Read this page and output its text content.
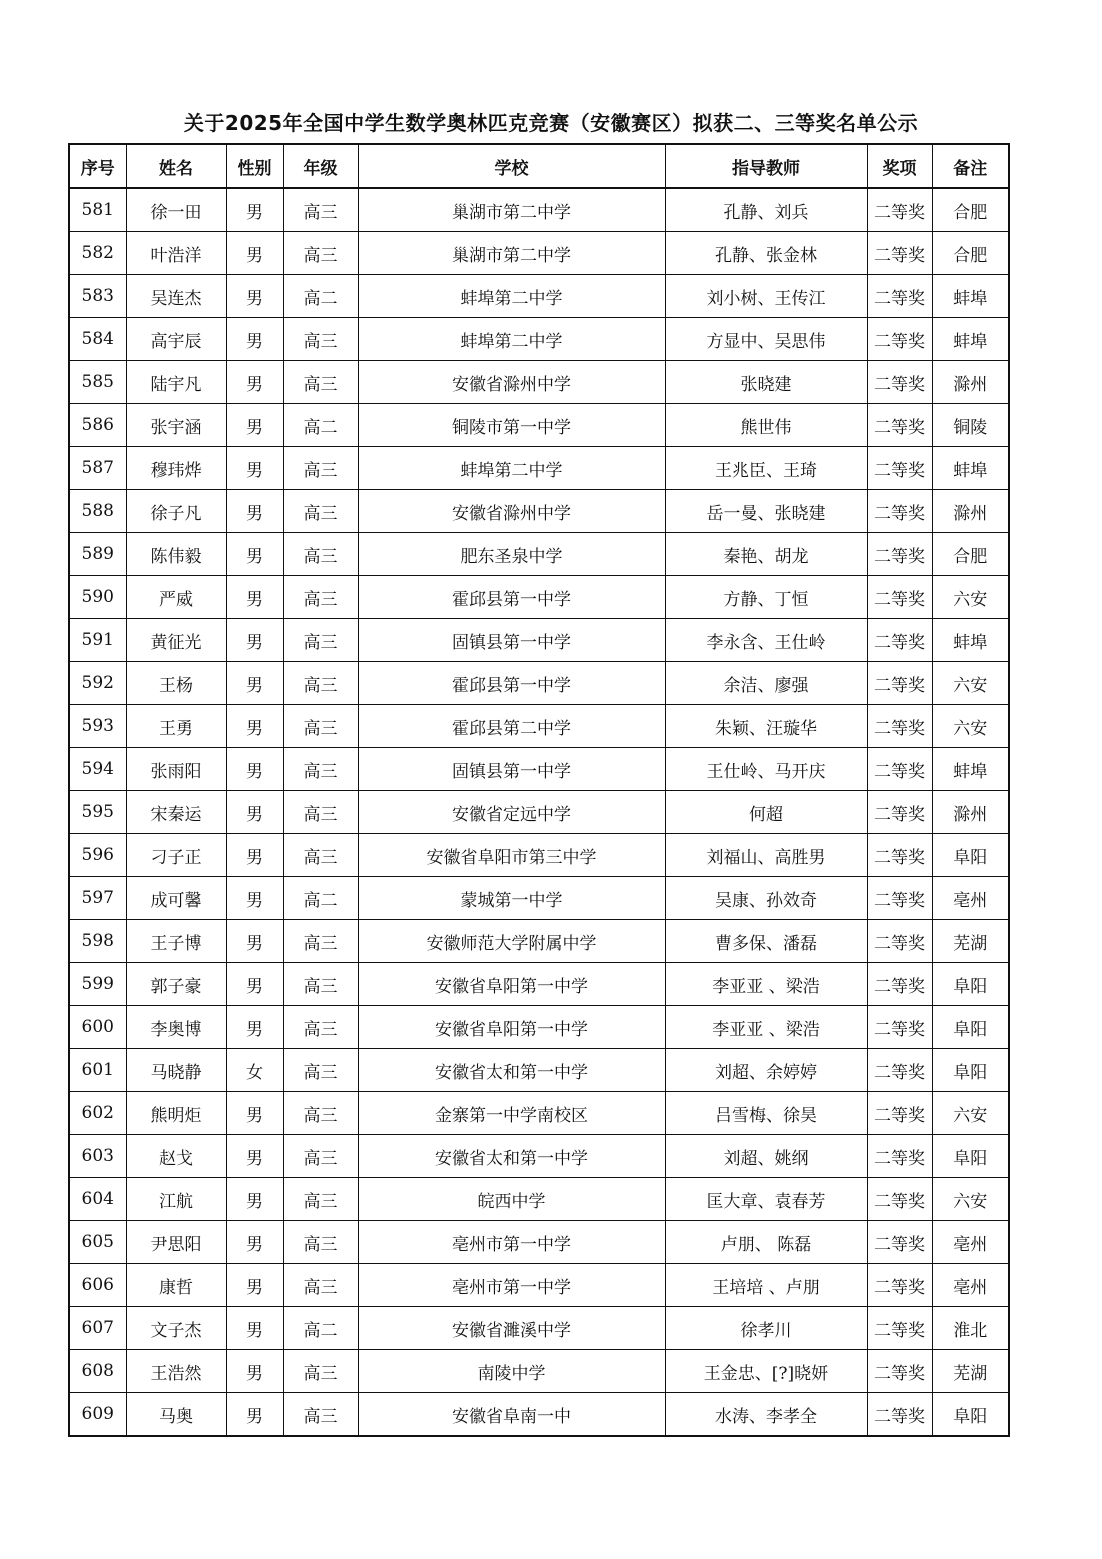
关于2025年全国中学生数学奥林匹克竞赛（安徽赛区）拟获二、三等奖名单公示
序号	姓名	性别	年级	学校	指导教师	奖项	备注
581	徐一田	男	高三	巢湖市第二中学	孔静、刘兵	二等奖	合肥
582	叶浩洋	男	高三	巢湖市第二中学	孔静、张金林	二等奖	合肥
583	吴连杰	男	高二	蚌埠第二中学	刘小树、王传江	二等奖	蚌埠
584	高宇辰	男	高三	蚌埠第二中学	方显中、吴思伟	二等奖	蚌埠
585	陆宇凡	男	高三	安徽省滁州中学	张晓建	二等奖	滁州
586	张宇涵	男	高二	铜陵市第一中学	熊世伟	二等奖	铜陵
587	穆玮烨	男	高三	蚌埠第二中学	王兆臣、王琦	二等奖	蚌埠
588	徐子凡	男	高三	安徽省滁州中学	岳一曼、张晓建	二等奖	滁州
589	陈伟毅	男	高三	肥东圣泉中学	秦艳、胡龙	二等奖	合肥
590	严威	男	高三	霍邱县第一中学	方静、丁恒	二等奖	六安
591	黄征光	男	高三	固镇县第一中学	李永含、王仕岭	二等奖	蚌埠
592	王杨	男	高三	霍邱县第一中学	余洁、廖强	二等奖	六安
593	王勇	男	高三	霍邱县第二中学	朱颖、汪璇华	二等奖	六安
594	张雨阳	男	高三	固镇县第一中学	王仕岭、马开庆	二等奖	蚌埠
595	宋秦运	男	高三	安徽省定远中学	何超	二等奖	滁州
596	刁子正	男	高三	安徽省阜阳市第三中学	刘福山、高胜男	二等奖	阜阳
597	成可馨	男	高二	蒙城第一中学	吴康、孙效奇	二等奖	亳州
598	王子博	男	高三	安徽师范大学附属中学	曹多保、潘磊	二等奖	芜湖
599	郭子豪	男	高三	安徽省阜阳第一中学	李亚亚 、梁浩	二等奖	阜阳
600	李奥博	男	高三	安徽省阜阳第一中学	李亚亚 、梁浩	二等奖	阜阳
601	马晓静	女	高三	安徽省太和第一中学	刘超、余婷婷	二等奖	阜阳
602	熊明炬	男	高三	金寨第一中学南校区	吕雪梅、徐昊	二等奖	六安
603	赵戈	男	高三	安徽省太和第一中学	刘超、姚纲	二等奖	阜阳
604	江航	男	高三	皖西中学	匡大章、袁春芳	二等奖	六安
605	尹思阳	男	高三	亳州市第一中学	卢朋、 陈磊	二等奖	亳州
606	康哲	男	高三	亳州市第一中学	王培培 、卢朋	二等奖	亳州
607	文子杰	男	高二	安徽省濉溪中学	徐孝川	二等奖	淮北
608	王浩然	男	高三	南陵中学	王金忠、[?]晓妍	二等奖	芜湖
609	马奥	男	高三	安徽省阜南一中	水涛、李孝全	二等奖	阜阳
